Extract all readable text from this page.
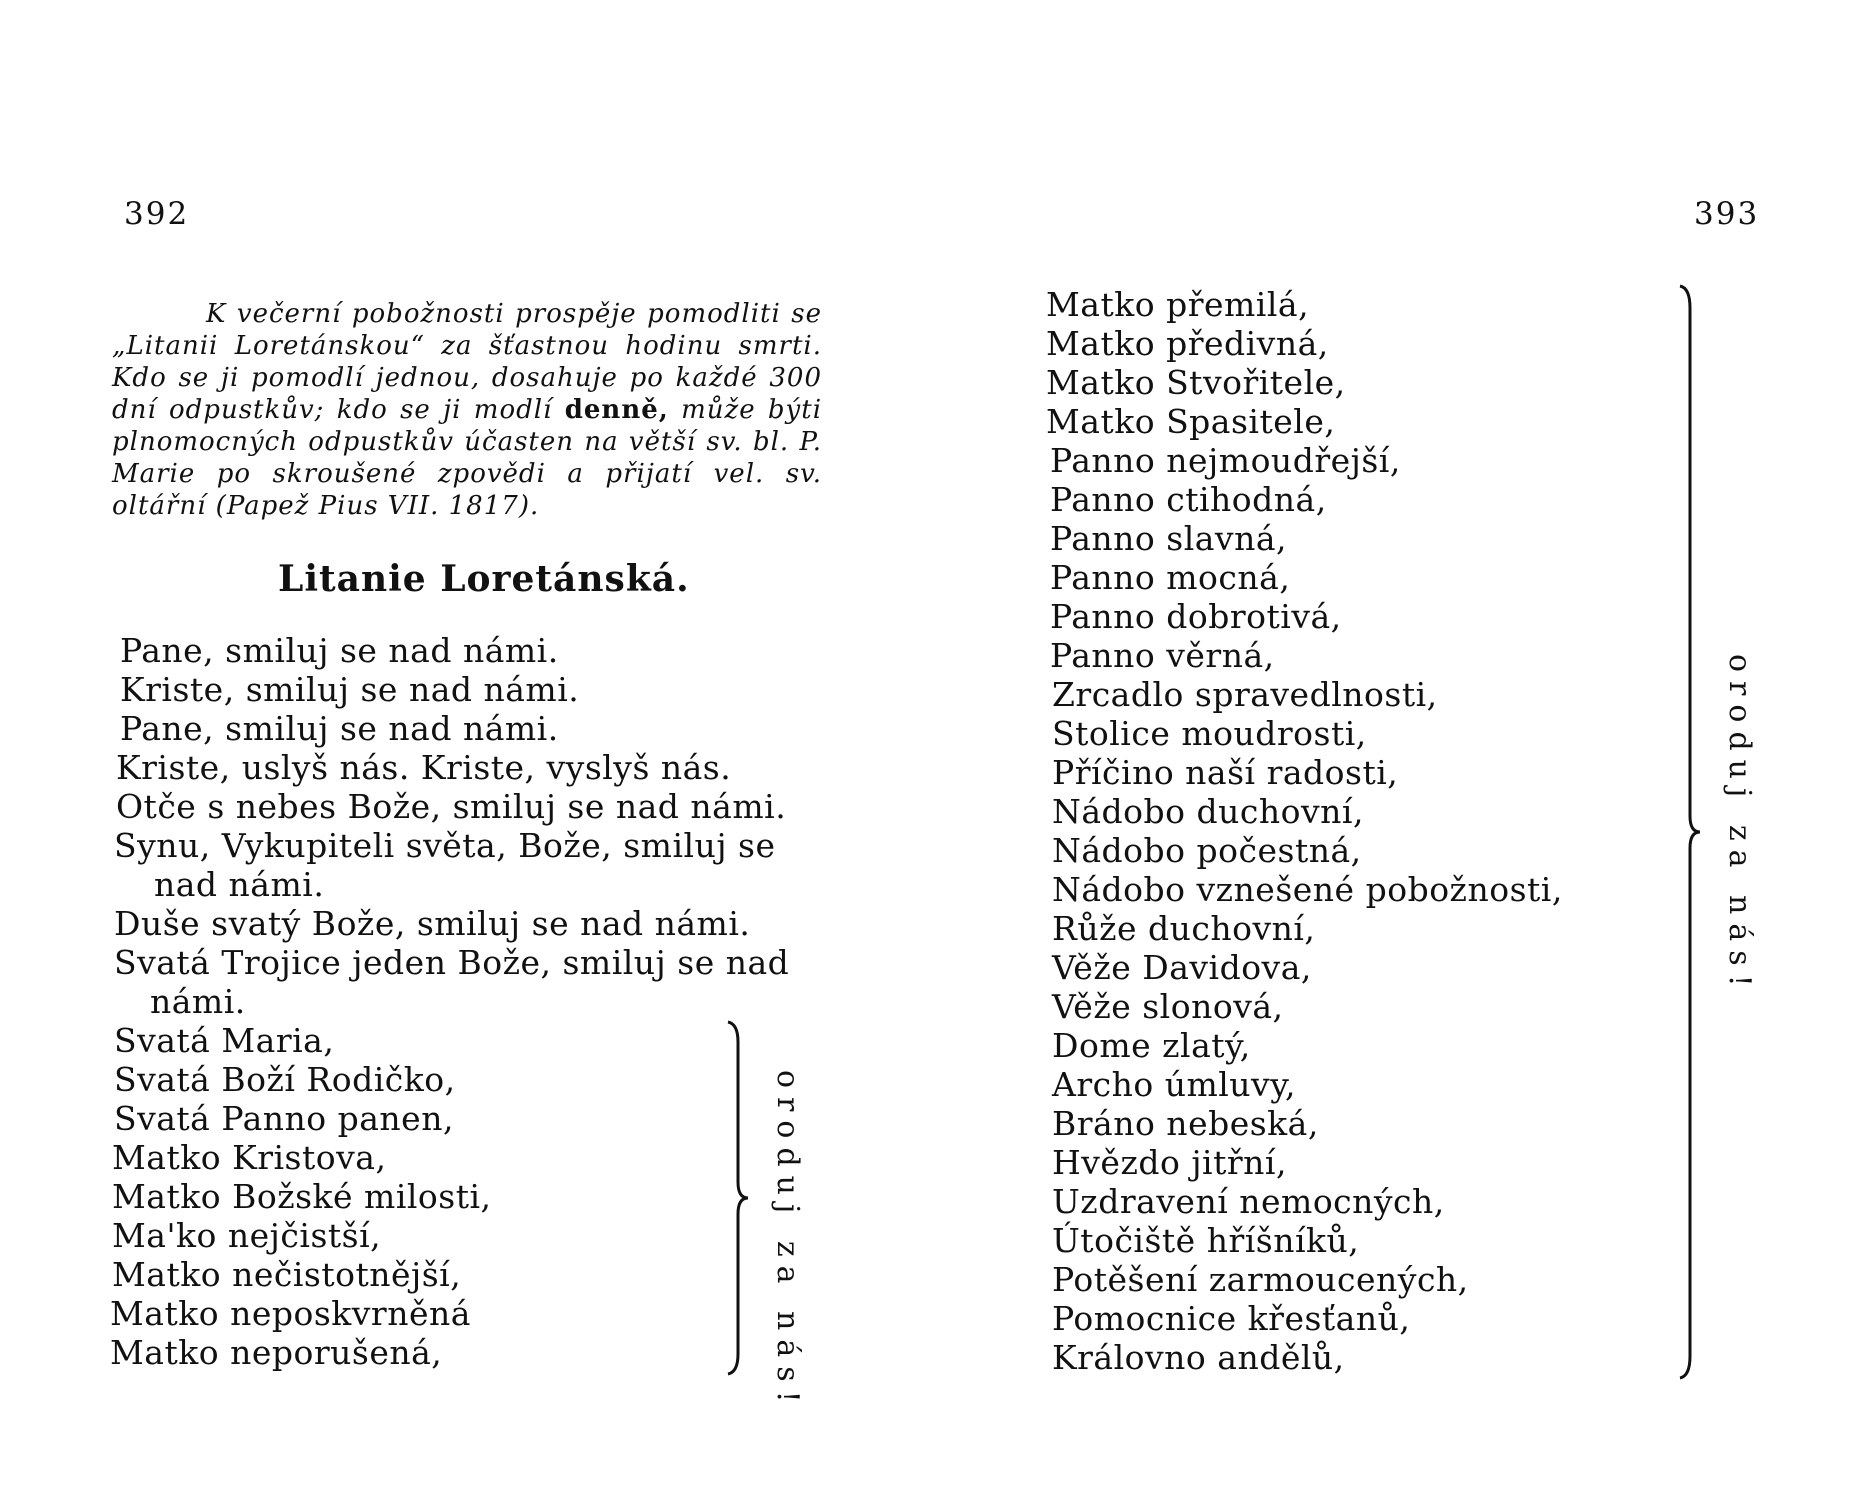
392
K večerní pobožnosti prospěje pomodliti se „Litanii Loretánskou“ za šťastnou hodinu smrti. Kdo se ji pomodlí jednou, dosahuje po každé 300 dní odpustkův; kdo se ji modlí denně, může býti plnomocných odpustkův účasten na větší sv. bl. P. Marie po skroušené zpovědi a přijatí vel. sv. oltářní (Papež Pius VII. 1817).
Litanie Loretánská.
Pane, smiluj se nad námi.
Kriste, smiluj se nad námi.
Pane, smiluj se nad námi.
Kriste, uslyš nás. Kriste, vyslyš nás.
Otče s nebes Bože, smiluj se nad námi.
Synu, Vykupiteli světa, Bože, smiluj se
nad námi.
Duše svatý Bože, smiluj se nad námi.
Svatá Trojice jeden Bože, smiluj se nad
námi.
Svatá Maria,
Svatá Boží Rodičko,
Svatá Panno panen,
Matko Kristova,
Matko Božské milosti,
Ma'ko nejčistší,
Matko nečistotnější,
Matko neposkvrněná
Matko neporušená,	oroduj za nás!
393
Matko přemilá,
Matko předivná,
Matko Stvořitele,
Matko Spasitele,
Panno nejmoudřejší,
Panno ctihodná,
Panno slavná,
Panno mocná,
Panno dobrotivá,
Panno věrná,
Zrcadlo spravedlnosti,
Stolice moudrosti,
Příčino naší radosti,
Nádobo duchovní,
Nádobo počestná,
Nádobo vznešené pobožnosti,
Růže duchovní,
Věže Davidova,
Věže slonová,
Dome zlatý,
Archo úmluvy,
Bráno nebeská,
Hvězdo jitřní,
Uzdravení nemocných,
Útočiště hříšníků,
Potěšení zarmoucených,
Pomocnice křesťanů,
Královno andělů,
oroduj za nás!
